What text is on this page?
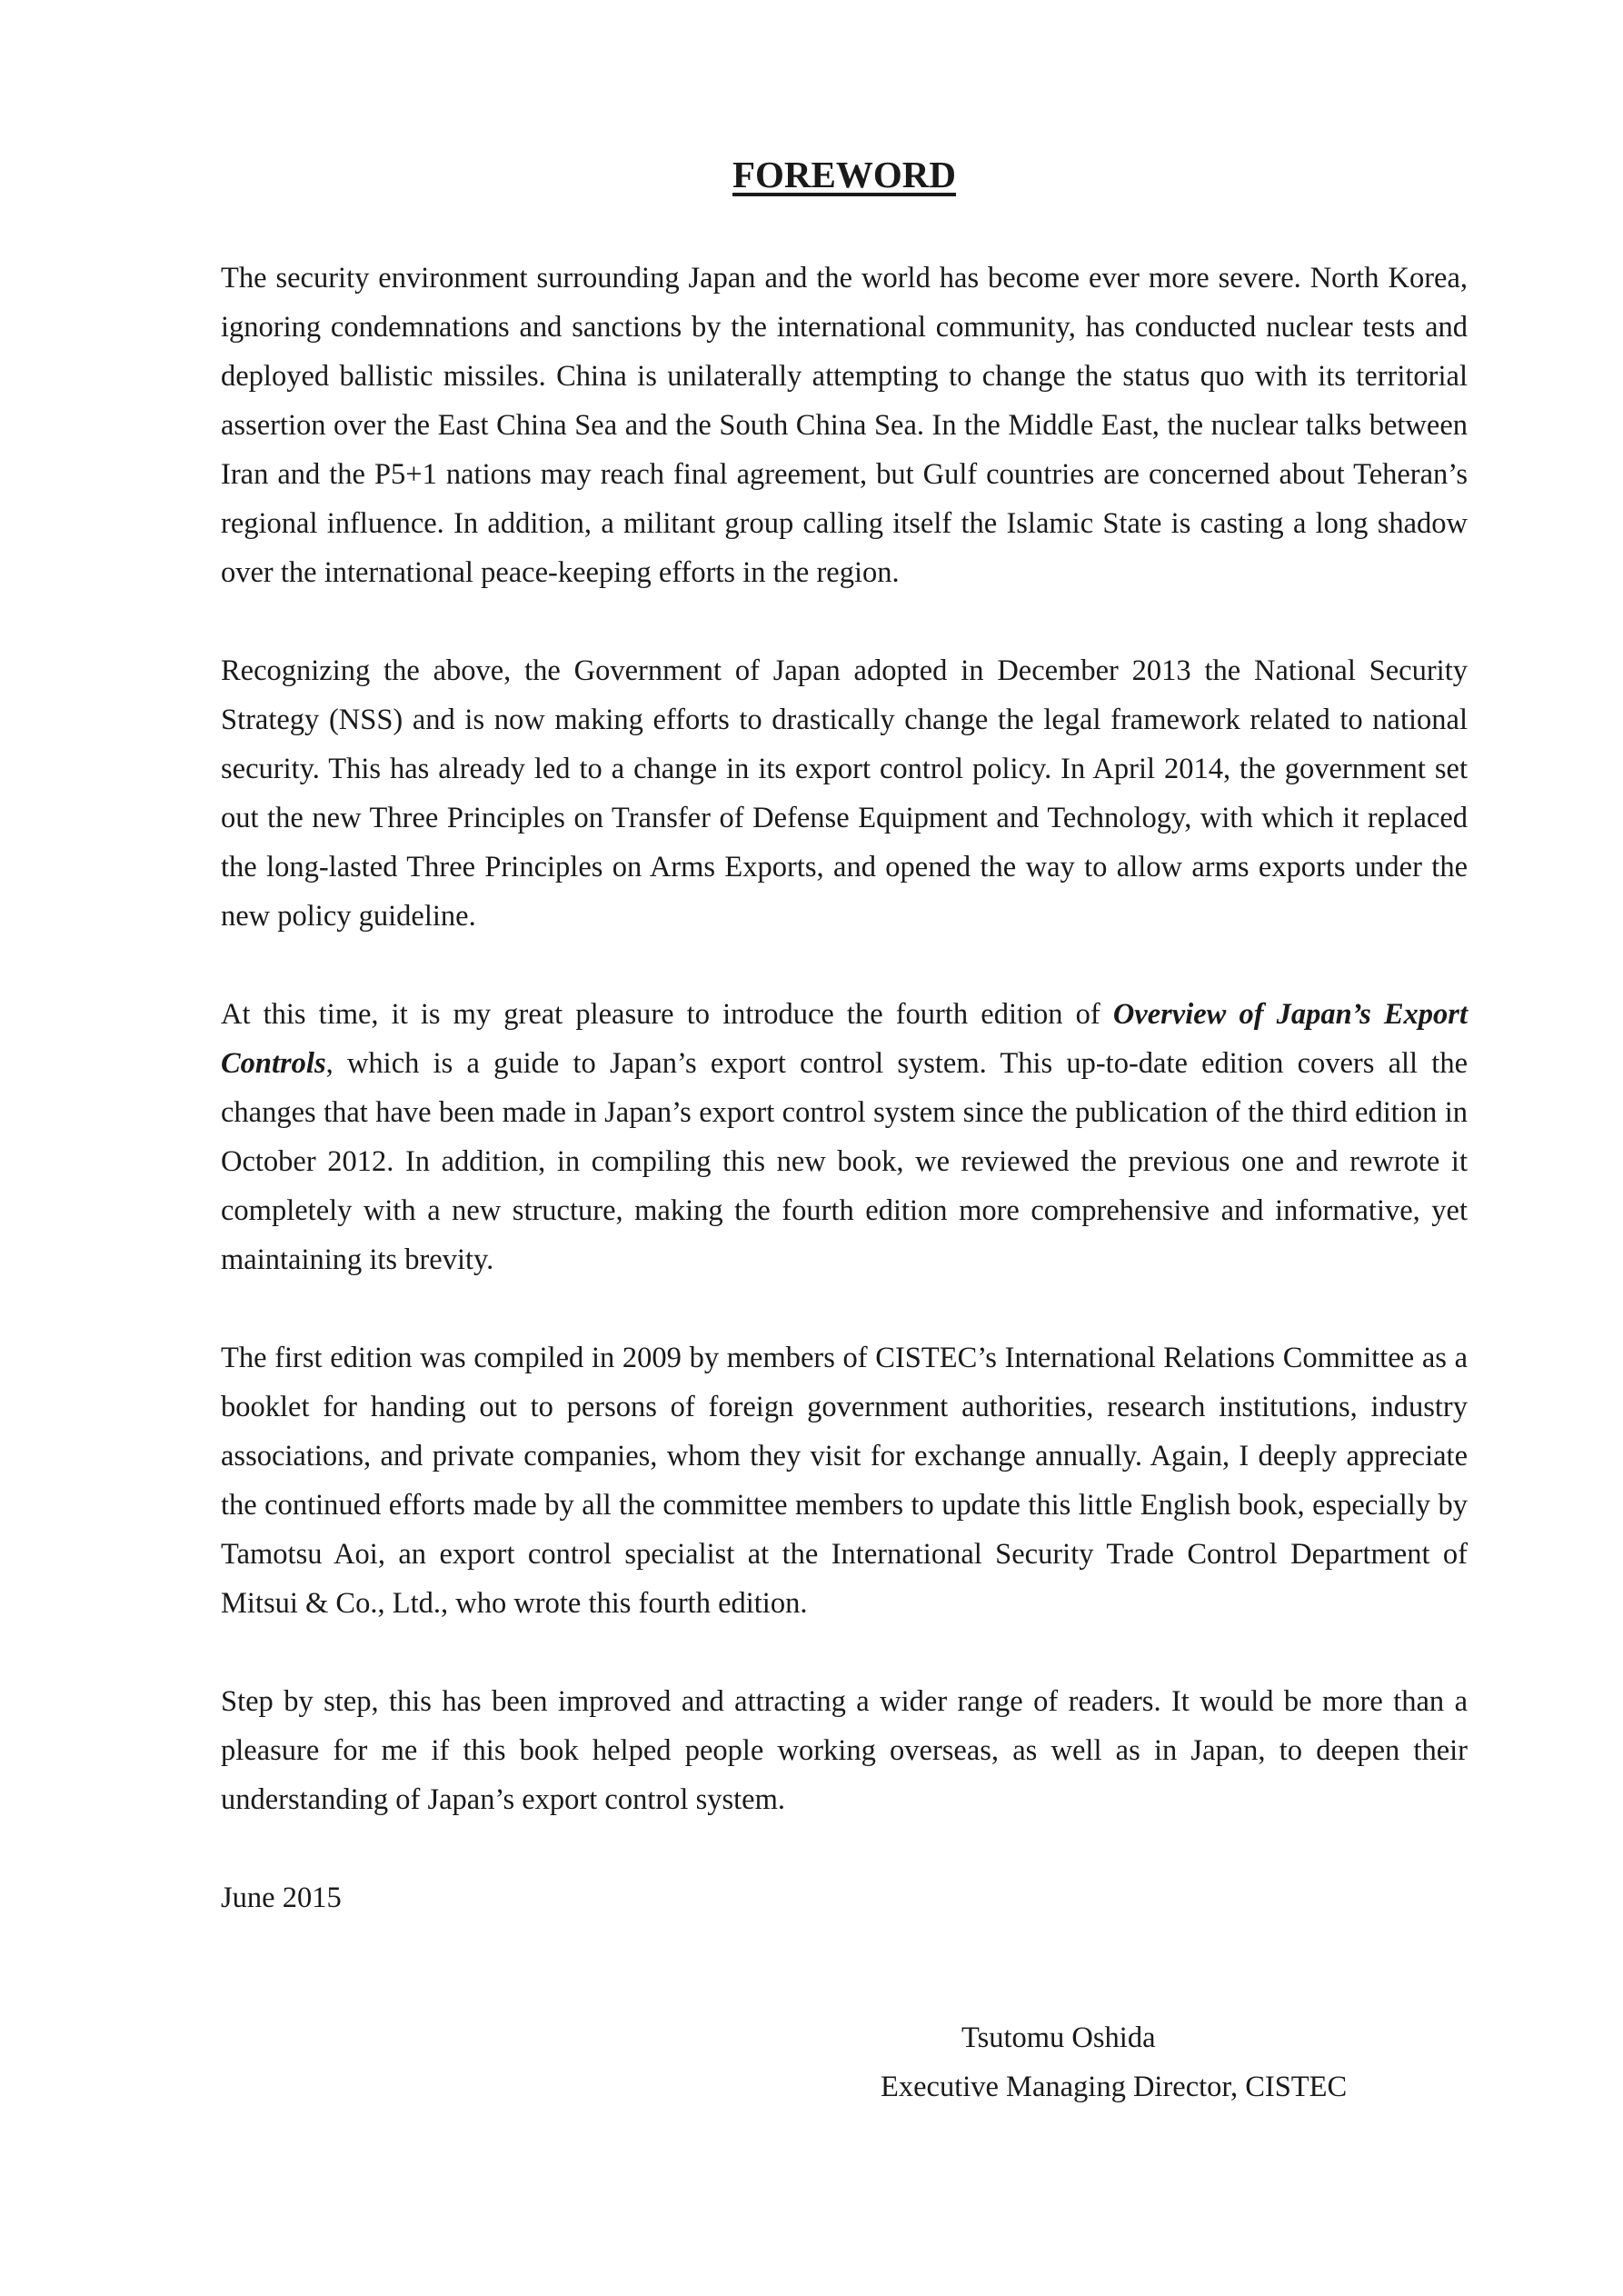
FOREWORD

The security environment surrounding Japan and the world has become ever more severe. North Korea, ignoring condemnations and sanctions by the international community, has conducted nuclear tests and deployed ballistic missiles. China is unilaterally attempting to change the status quo with its territorial assertion over the East China Sea and the South China Sea. In the Middle East, the nuclear talks between Iran and the P5+1 nations may reach final agreement, but Gulf countries are concerned about Teheran’s regional influence. In addition, a militant group calling itself the Islamic State is casting a long shadow over the international peace-keeping efforts in the region.

Recognizing the above, the Government of Japan adopted in December 2013 the National Security Strategy (NSS) and is now making efforts to drastically change the legal framework related to national security. This has already led to a change in its export control policy. In April 2014, the government set out the new Three Principles on Transfer of Defense Equipment and Technology, with which it replaced the long-lasted Three Principles on Arms Exports, and opened the way to allow arms exports under the new policy guideline.

At this time, it is my great pleasure to introduce the fourth edition of Overview of Japan’s Export Controls, which is a guide to Japan’s export control system. This up-to-date edition covers all the changes that have been made in Japan’s export control system since the publication of the third edition in October 2012. In addition, in compiling this new book, we reviewed the previous one and rewrote it completely with a new structure, making the fourth edition more comprehensive and informative, yet maintaining its brevity.

The first edition was compiled in 2009 by members of CISTEC’s International Relations Committee as a booklet for handing out to persons of foreign government authorities, research institutions, industry associations, and private companies, whom they visit for exchange annually. Again, I deeply appreciate the continued efforts made by all the committee members to update this little English book, especially by Tamotsu Aoi, an export control specialist at the International Security Trade Control Department of Mitsui & Co., Ltd., who wrote this fourth edition.

Step by step, this has been improved and attracting a wider range of readers. It would be more than a pleasure for me if this book helped people working overseas, as well as in Japan, to deepen their understanding of Japan’s export control system.

June 2015

Tsutomu Oshida
Executive Managing Director, CISTEC
